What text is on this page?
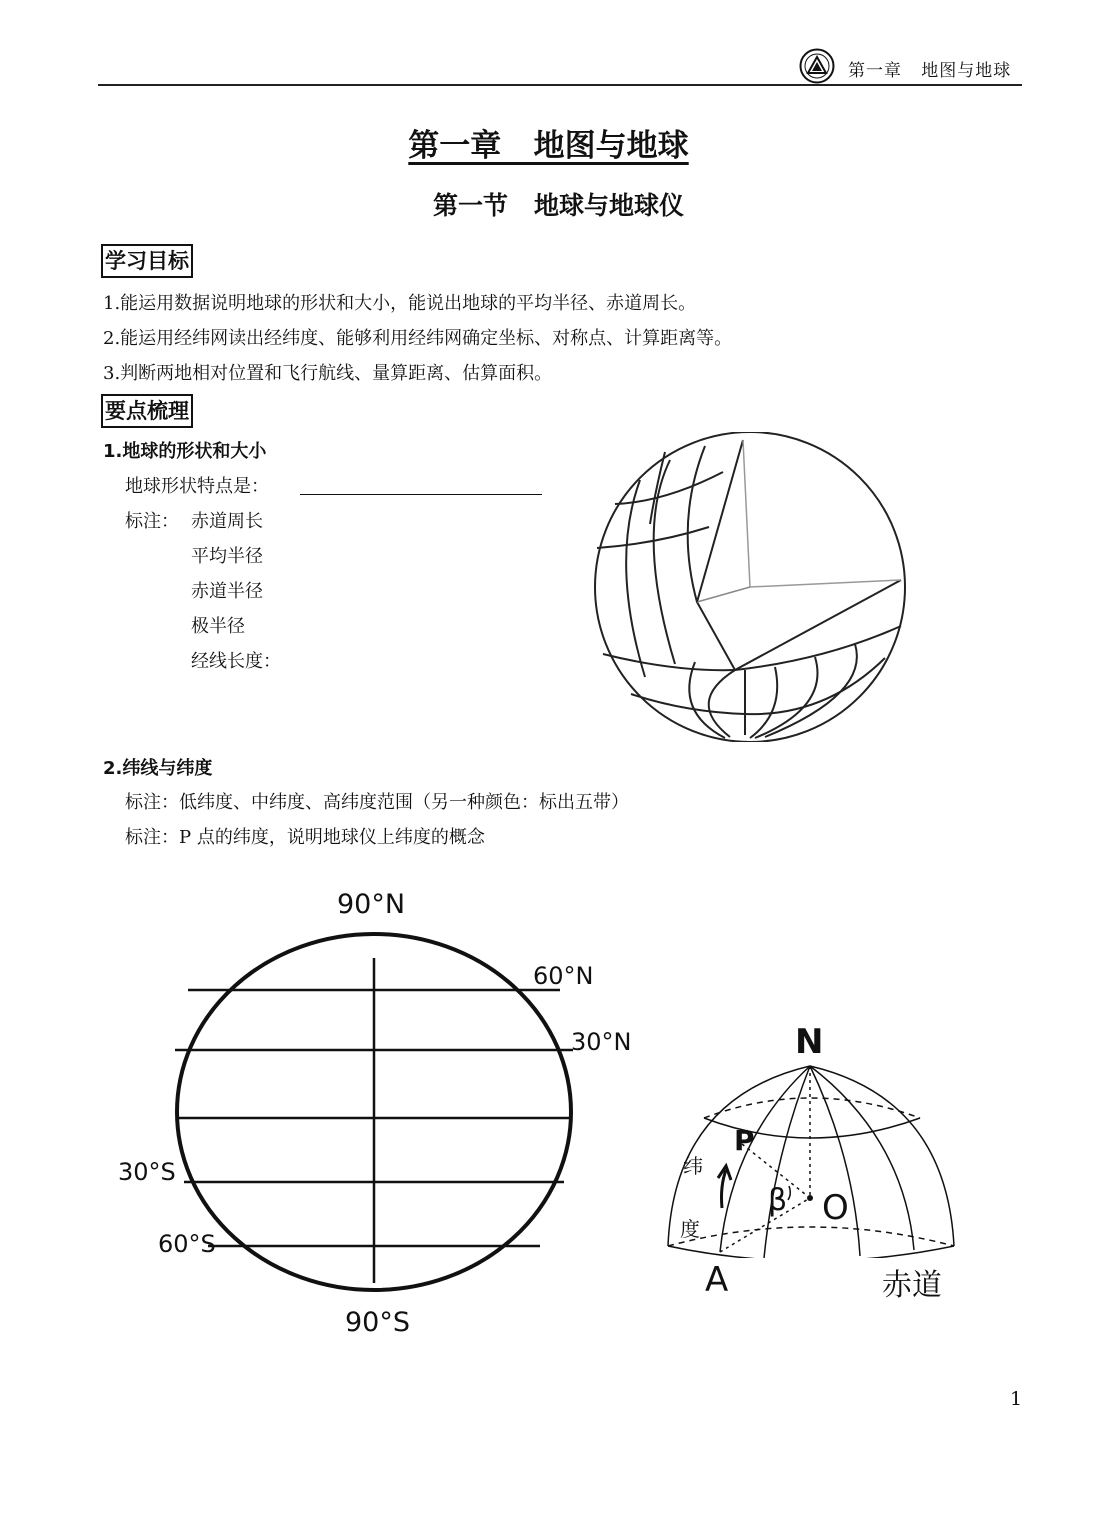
第一章   地图与地球
第一章   地图与地球
第一节   地球与地球仪
学习目标
1.能运用数据说明地球的形状和大小，能说出地球的平均半径、赤道周长。
2.能运用经纬网读出经纬度、能够利用经纬网确定坐标、对称点、计算距离等。
3.判断两地相对位置和飞行航线、量算距离、估算面积。
要点梳理
1.地球的形状和大小
地球形状特点是：
标注： 赤道周长
平均半径
赤道半径
极半径
经线长度：
2.纬线与纬度
标注：低纬度、中纬度、高纬度范围（另一种颜色：标出五带）
标注：P 点的纬度，说明地球仪上纬度的概念
90°N
60°N
30°N
30°S
60°S
90°S
N
P
β O
A	赤道
纬
度
1
